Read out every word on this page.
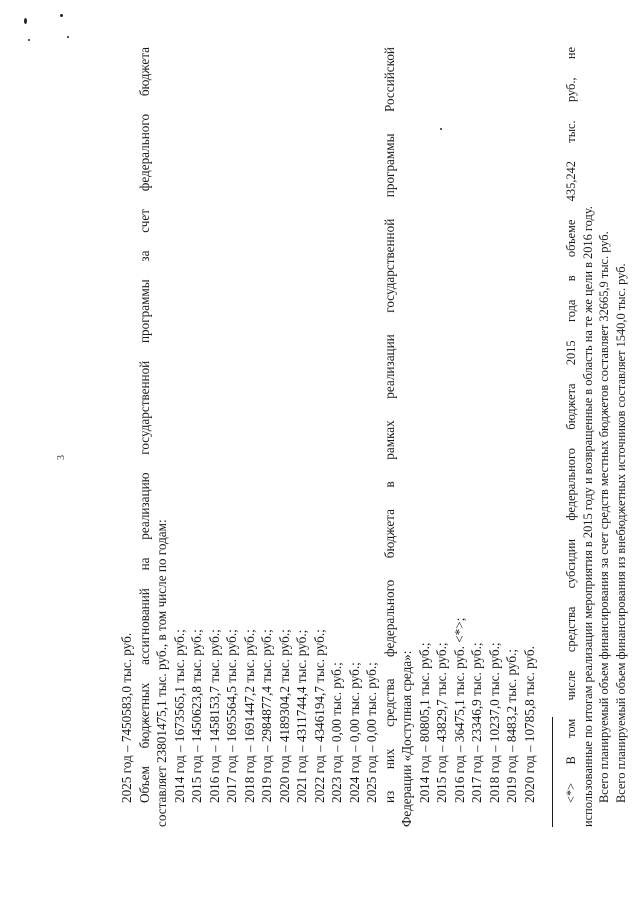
3
2025 год – 7450583,0 тыс. руб. Объем бюджетных ассигнований на реализацию государственной программы за счет федерального бюджета составляет 23801475,1 тыс. руб., в том числе по годам: 2014 год – 1673565,1 тыс. руб.; 2015 год – 1450623,8 тыс. руб.; 2016 год – 1458153,7 тыс. руб.; 2017 год – 1695564,5 тыс. руб.; 2018 год – 1691447,2 тыс. руб.; 2019 год – 2984877,4 тыс. руб.; 2020 год – 4189304,2 тыс. руб.; 2021 год – 4311744,4 тыс. руб.; 2022 год – 4346194,7 тыс. руб.; 2023 год – 0,00 тыс. руб.; 2024 год – 0,00 тыс. руб.; 2025 год – 0,00 тыс. руб.; из них средства федерального бюджета в рамках реализации государственной программы Российской Федерации «Доступная среда»: 2014 год – 80805,1 тыс. руб.; 2015 год – 43829,7 тыс. руб.; 2016 год – 36475,1 тыс. руб. <*>; 2017 год – 23346,9 тыс. руб.; 2018 год – 10237,0 тыс. руб.; 2019 год – 8483,2 тыс. руб.; 2020 год – 10785,8 тыс. руб. <*> В том числе средства субсидии федерального бюджета 2015 года в объеме 435,242 тыс. руб., не использованные по итогам реализации мероприятия в 2015 году и возвращенные в область на те же цели в 2016 году. Всего планируемый объем финансирования за счет средств местных бюджетов составляет 32665,9 тыс. руб. Всего планируемый объем финансирования из внебюджетных источников составляет 1540,0 тыс. руб.
